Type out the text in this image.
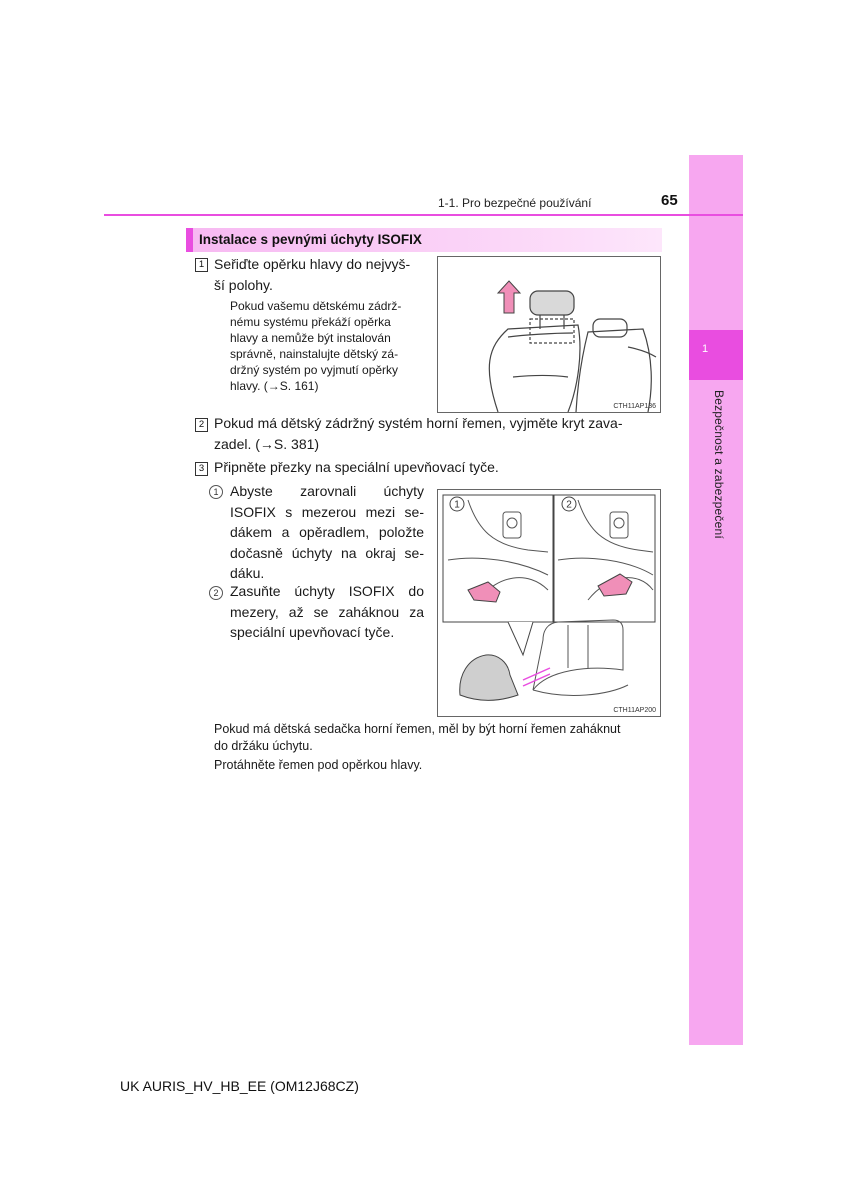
1
Bezpečnost a zabezpečení
1-1. Pro bezpečné používání	65
Instalace s pevnými úchyty ISOFIX
1 Seřiďte opěrku hlavy do nejvyš-
ší polohy.
Pokud vašemu dětskému zádrž-
nému systému překáží opěrka
hlavy a nemůže být instalován
správně, nainstalujte dětský zá-
držný systém po vyjmutí opěrky
hlavy. (→S. 161)
CTH11AP136
2 Pokud má dětský zádržný systém horní řemen, vyjměte kryt zava-
zadel. (→S. 381)
3 Připněte přezky na speciální upevňovací tyče.
1 Abyste zarovnali úchyty
ISOFIX s mezerou mezi se-
dákem a opěradlem, položte
dočasně úchyty na okraj se-
dáku.
2 Zasuňte úchyty ISOFIX do
mezery, až se zaháknou za
speciální upevňovací tyče.
1	2
CTH11AP200
Pokud má dětská sedačka horní řemen, měl by být horní řemen zaháknut
do držáku úchytu.
Protáhněte řemen pod opěrkou hlavy.
UK AURIS_HV_HB_EE (OM12J68CZ)
